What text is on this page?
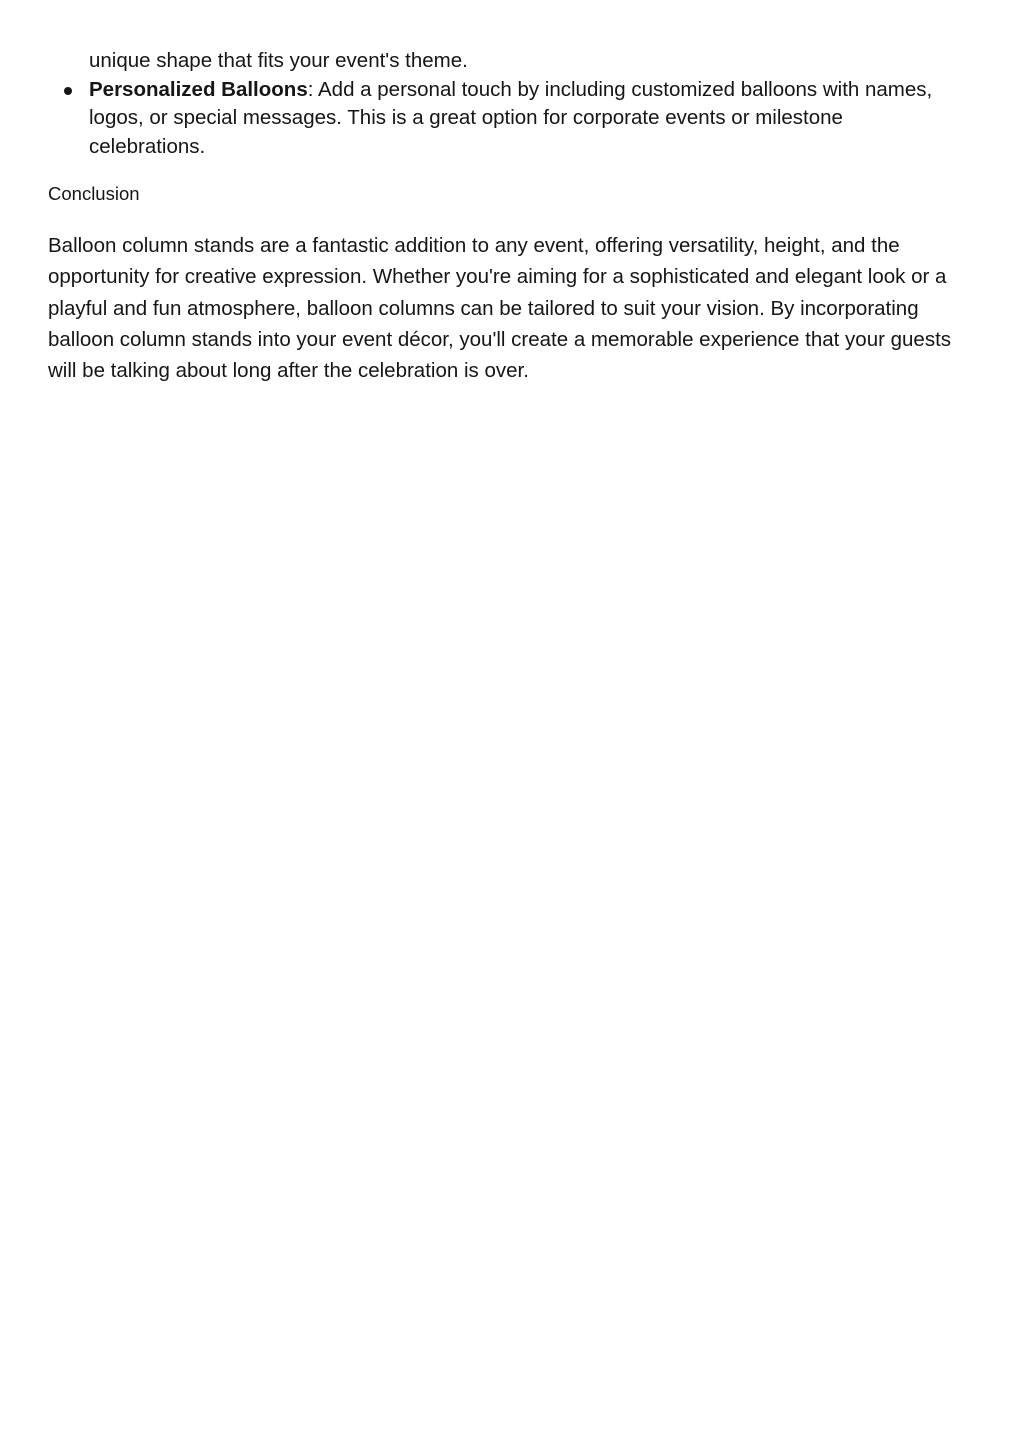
unique shape that fits your event's theme.
Personalized Balloons: Add a personal touch by including customized balloons with names, logos, or special messages. This is a great option for corporate events or milestone celebrations.
Conclusion

Balloon column stands are a fantastic addition to any event, offering versatility, height, and the opportunity for creative expression. Whether you're aiming for a sophisticated and elegant look or a playful and fun atmosphere, balloon columns can be tailored to suit your vision. By incorporating balloon column stands into your event décor, you'll create a memorable experience that your guests will be talking about long after the celebration is over.
